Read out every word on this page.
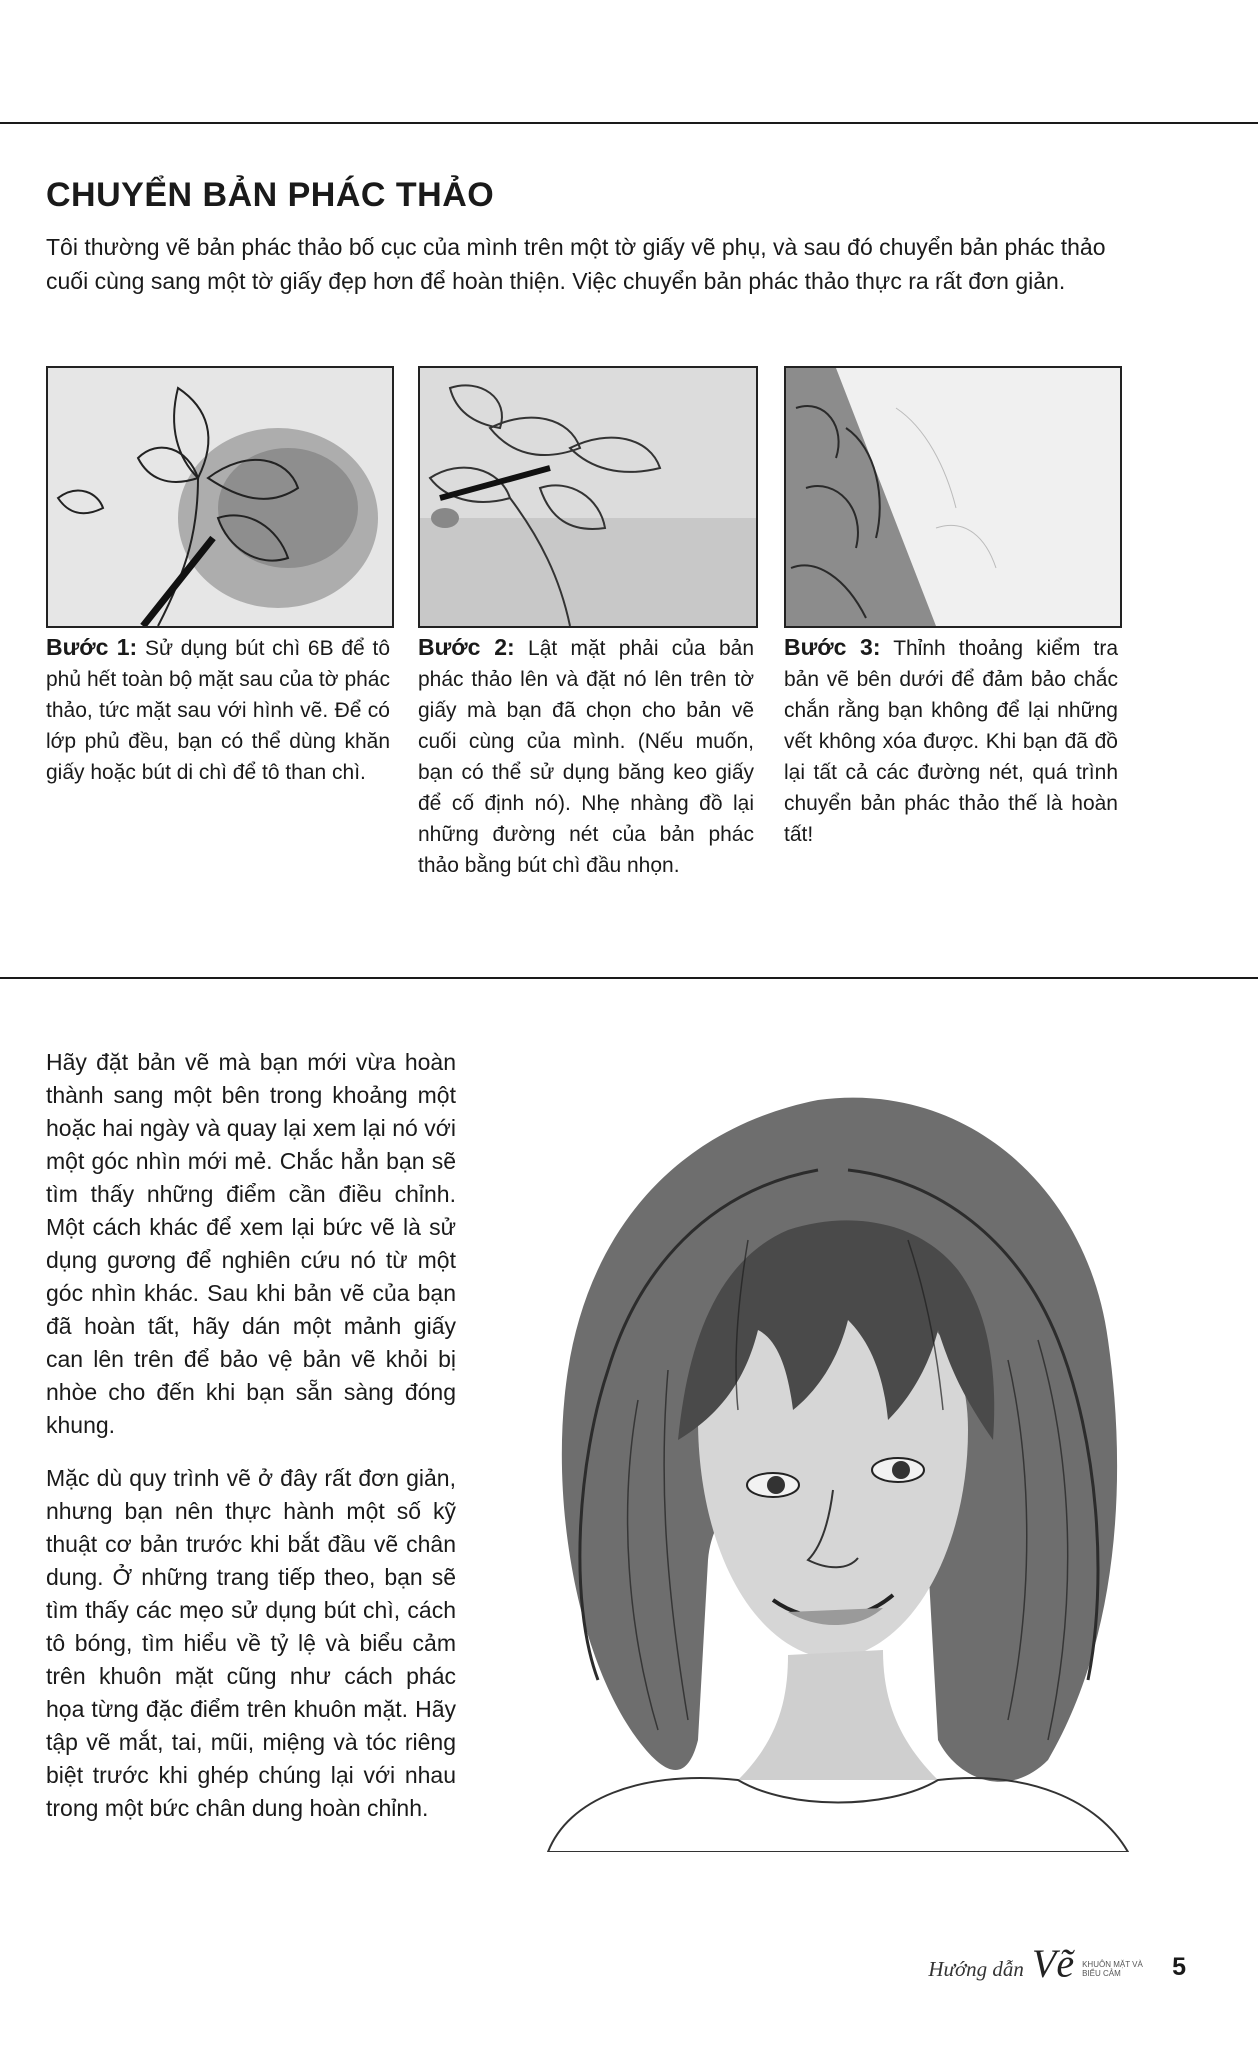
CHUYỂN BẢN PHÁC THẢO

Tôi thường vẽ bản phác thảo bố cục của mình trên một tờ giấy vẽ phụ, và sau đó chuyển bản phác thảo cuối cùng sang một tờ giấy đẹp hơn để hoàn thiện. Việc chuyển bản phác thảo thực ra rất đơn giản.

Bước 1: Sử dụng bút chì 6B để tô phủ hết toàn bộ mặt sau của tờ phác thảo, tức mặt sau với hình vẽ. Để có lớp phủ đều, bạn có thể dùng khăn giấy hoặc bút di chì để tô than chì.

Bước 2: Lật mặt phải của bản phác thảo lên và đặt nó lên trên tờ giấy mà bạn đã chọn cho bản vẽ cuối cùng của mình. (Nếu muốn, bạn có thể sử dụng băng keo giấy để cố định nó). Nhẹ nhàng đồ lại những đường nét của bản phác thảo bằng bút chì đầu nhọn.

Bước 3: Thỉnh thoảng kiểm tra bản vẽ bên dưới để đảm bảo chắc chắn rằng bạn không để lại những vết không xóa được. Khi bạn đã đồ lại tất cả các đường nét, quá trình chuyển bản phác thảo thế là hoàn tất!

Hãy đặt bản vẽ mà bạn mới vừa hoàn thành sang một bên trong khoảng một hoặc hai ngày và quay lại xem lại nó với một góc nhìn mới mẻ. Chắc hẳn bạn sẽ tìm thấy những điểm cần điều chỉnh. Một cách khác để xem lại bức vẽ là sử dụng gương để nghiên cứu nó từ một góc nhìn khác. Sau khi bản vẽ của bạn đã hoàn tất, hãy dán một mảnh giấy can lên trên để bảo vệ bản vẽ khỏi bị nhòe cho đến khi bạn sẵn sàng đóng khung.

Mặc dù quy trình vẽ ở đây rất đơn giản, nhưng bạn nên thực hành một số kỹ thuật cơ bản trước khi bắt đầu vẽ chân dung. Ở những trang tiếp theo, bạn sẽ tìm thấy các mẹo sử dụng bút chì, cách tô bóng, tìm hiểu về tỷ lệ và biểu cảm trên khuôn mặt cũng như cách phác họa từng đặc điểm trên khuôn mặt. Hãy tập vẽ mắt, tai, mũi, miệng và tóc riêng biệt trước khi ghép chúng lại với nhau trong một bức chân dung hoàn chỉnh.

Hướng dẫn Vẽ KHUÔN MẶT VÀ BIỂU CẢM	5
